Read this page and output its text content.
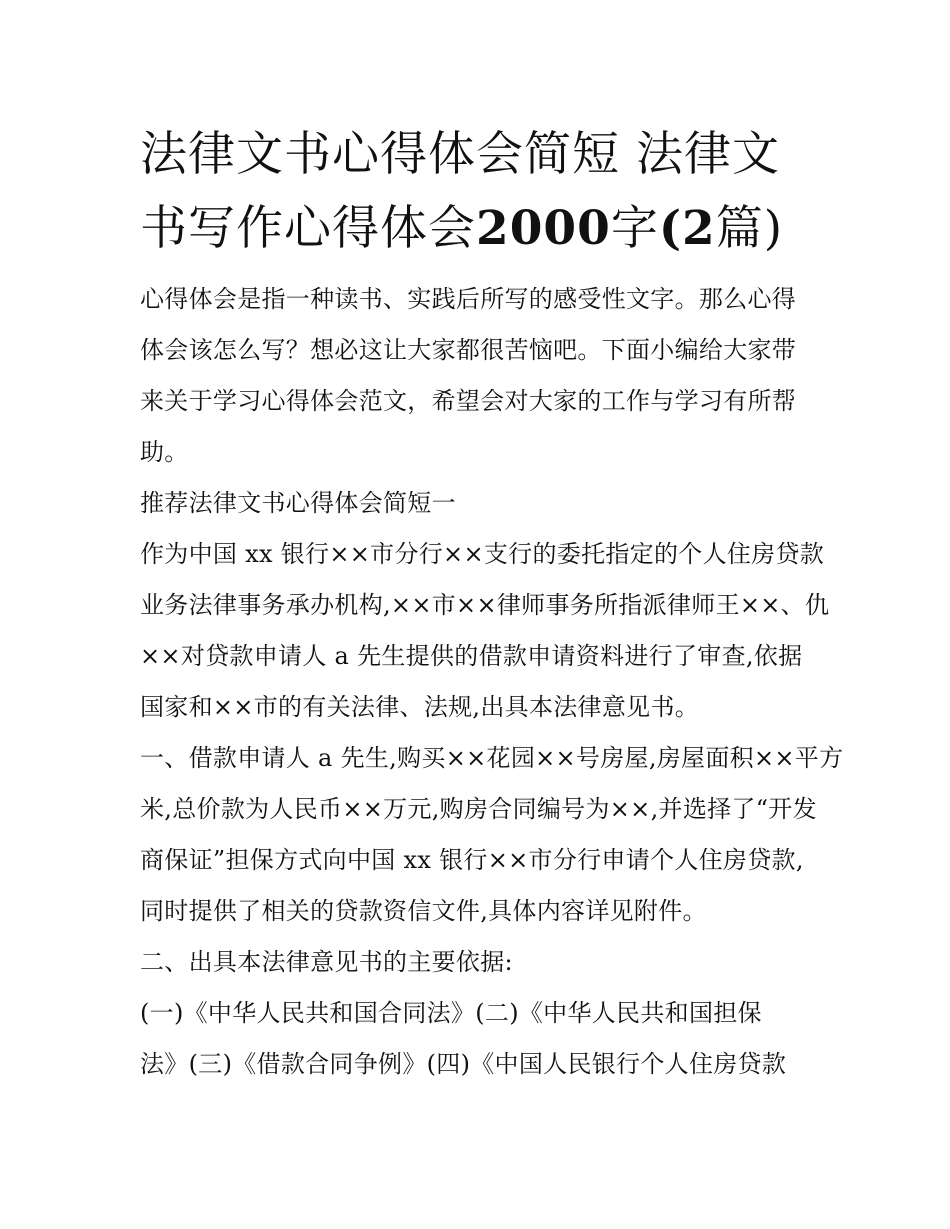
法律文书心得体会简短 法律文
书写作心得体会2000字(2篇)

心得体会是指一种读书、实践后所写的感受性文字。那么心得

体会该怎么写？想必这让大家都很苦恼吧。下面小编给大家带

来关于学习心得体会范文，希望会对大家的工作与学习有所帮

助。

推荐法律文书心得体会简短一

作为中国 xx 银行××市分行××支行的委托指定的个人住房贷款

业务法律事务承办机构,××市××律师事务所指派律师王××、仇

××对贷款申请人 a 先生提供的借款申请资料进行了审查,依据

国家和××市的有关法律、法规,出具本法律意见书。

一、借款申请人 a 先生,购买××花园××号房屋,房屋面积××平方

米,总价款为人民币××万元,购房合同编号为××,并选择了“开发

商保证”担保方式向中国 xx 银行××市分行申请个人住房贷款,

同时提供了相关的贷款资信文件,具体内容详见附件。

二、出具本法律意见书的主要依据:

(一)《中华人民共和国合同法》(二)《中华人民共和国担保

法》(三)《借款合同争例》(四)《中国人民银行个人住房贷款
